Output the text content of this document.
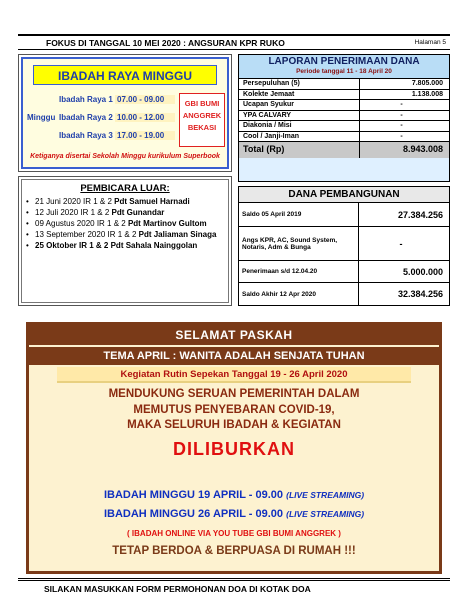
FOKUS DI TANGGAL 10 MEI 2020 : ANGSURAN KPR RUKO	Halaman 5
IBADAH RAYA MINGGU
Ibadah Raya 1 07.00 - 09.00
Minggu Ibadah Raya 2 10.00 - 12.00
Ibadah Raya 3 17.00 - 19.00
GBI BUMI
ANGGREK
BEKASI
Ketiganya disertai Sekolah Minggu kurikulum Superbook
LAPORAN PENERIMAAN DANA
Periode tanggal 11 - 18 April 20
Persepuluhan (5)	7.805.000
Kolekte Jemaat	1.138.008
Ucapan Syukur	-
YPA CALVARY	-
Diakonia / Misi	-
Cool / Janji-Iman	-
Total (Rp)	8.943.008
PEMBICARA LUAR:
• 21 Juni 2020 IR 1 & 2 Pdt Samuel Harnadi
• 12 Juli 2020 IR 1 & 2 Pdt Gunandar
• 09 Agustus 2020 IR 1 & 2 Pdt Martinov Gultom
• 13 September 2020 IR 1 & 2 Pdt Jaliaman Sinaga
• 25 Oktober IR 1 & 2 Pdt Sahala Nainggolan
DANA PEMBANGUNAN
Saldo 05 April 2019	27.384.256
Angs KPR, AC, Sound System, Notaris, Adm & Bunga	-
Penerimaan s/d 12.04.20	5.000.000
Saldo Akhir 12 Apr 2020	32.384.256
SELAMAT PASKAH
TEMA APRIL : WANITA ADALAH SENJATA TUHAN
Kegiatan Rutin Sepekan Tanggal 19 - 26 April 2020
MENDUKUNG SERUAN PEMERINTAH DALAM
MEMUTUS PENYEBARAN COVID-19,
MAKA SELURUH IBADAH & KEGIATAN
DILIBURKAN
IBADAH MINGGU 19 APRIL - 09.00 (LIVE STREAMING)
IBADAH MINGGU 26 APRIL - 09.00 (LIVE STREAMING)
( IBADAH ONLINE VIA YOU TUBE GBI BUMI ANGGREK )
TETAP BERDOA & BERPUASA DI RUMAH !!!
SILAKAN MASUKKAN FORM PERMOHONAN DOA DI KOTAK DOA
